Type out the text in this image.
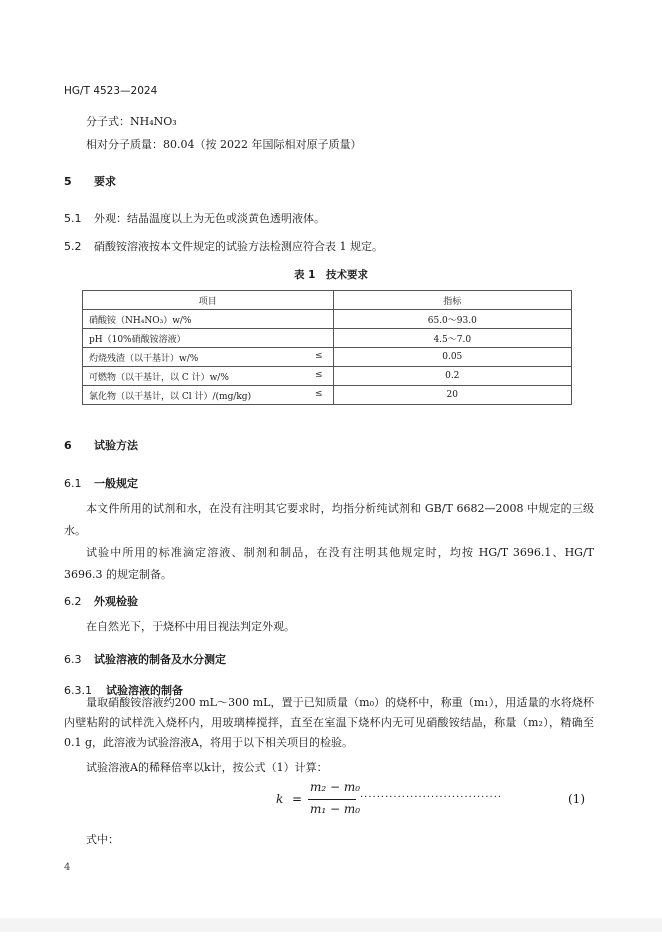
HG/T 4523—2024
分子式：NH₄NO₃
相对分子质量：80.04（按 2022 年国际相对原子质量）
5 要求
5.1 外观：结晶温度以上为无色或淡黄色透明液体。
5.2 硝酸铵溶液按本文件规定的试验方法检测应符合表 1 规定。
表 1　技术要求
项目	指标
硝酸铵（NH₄NO₃）w/%	65.0～93.0
pH（10%硝酸铵溶液）	4.5～7.0
灼烧残渣（以干基计）w/% ≤	0.05
可燃物（以干基计，以 C 计）w/% ≤	0.2
氯化物（以干基计，以 Cl 计）/(mg/kg) ≤	20
6 试验方法
6.1 一般规定
本文件所用的试剂和水，在没有注明其它要求时，均指分析纯试剂和 GB/T 6682—2008 中规定的三级水。
试验中所用的标准滴定溶液、制剂和制品，在没有注明其他规定时，均按 HG/T 3696.1、HG/T 3696.3 的规定制备。
6.2 外观检验
在自然光下，于烧杯中用目视法判定外观。
6.3 试验溶液的制备及水分测定
6.3.1 试验溶液的制备
量取硝酸铵溶液约200 mL～300 mL，置于已知质量（m₀）的烧杯中，称重（m₁），用适量的水将烧杯内壁粘附的试样洗入烧杯内，用玻璃棒搅拌，直至在室温下烧杯内无可见硝酸铵结晶，称量（m₂），精确至0.1 g，此溶液为试验溶液A，将用于以下相关项目的检验。
试验溶液A的稀释倍率以k计，按公式（1）计算：
k =
m₂ − m₀
m₁ − m₀
··································	(1)
式中：
4
